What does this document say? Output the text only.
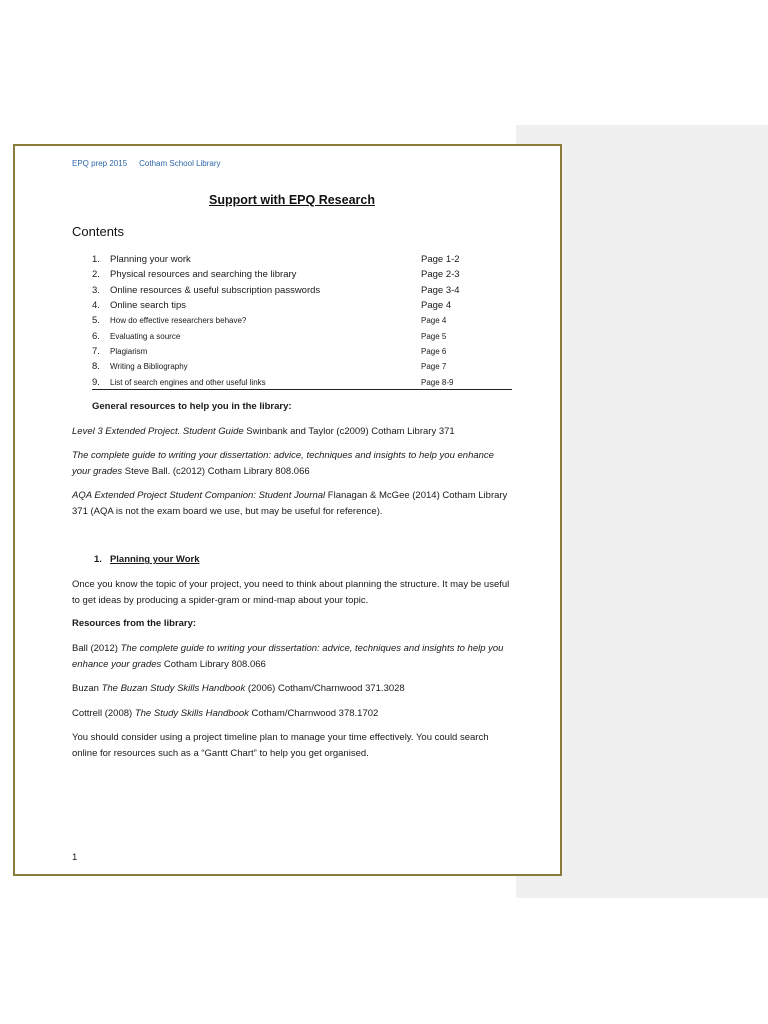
EPQ prep 2015 Cotham School Library
Support with EPQ Research
Contents
1.	Planning your work	Page 1-2
2.	Physical resources and searching the library	Page 2-3
3.	Online resources & useful subscription passwords	Page 3-4
4.	Online search tips	Page 4
5.	How do effective researchers behave?	Page 4
6.	Evaluating a source	Page 5
7.	Plagiarism	Page 6
8.	Writing a Bibliography	Page 7
9.	List of search engines and other useful links	Page 8-9
General resources to help you in the library:
Level 3 Extended Project. Student Guide Swinbank and Taylor (c2009) Cotham Library 371
The complete guide to writing your dissertation: advice, techniques and insights to help you enhance your grades Steve Ball. (c2012) Cotham Library 808.066
AQA Extended Project Student Companion: Student Journal Flanagan & McGee (2014) Cotham Library 371 (AQA is not the exam board we use, but may be useful for reference).
1. Planning your Work
Once you know the topic of your project, you need to think about planning the structure. It may be useful to get ideas by producing a spider-gram or mind-map about your topic.
Resources from the library:
Ball (2012) The complete guide to writing your dissertation: advice, techniques and insights to help you enhance your grades Cotham Library 808.066
Buzan The Buzan Study Skills Handbook (2006) Cotham/Charnwood 371.3028
Cottrell (2008) The Study Skills Handbook Cotham/Charnwood 378.1702
You should consider using a project timeline plan to manage your time effectively. You could search online for resources such as a “Gantt Chart” to help you get organised.
1
